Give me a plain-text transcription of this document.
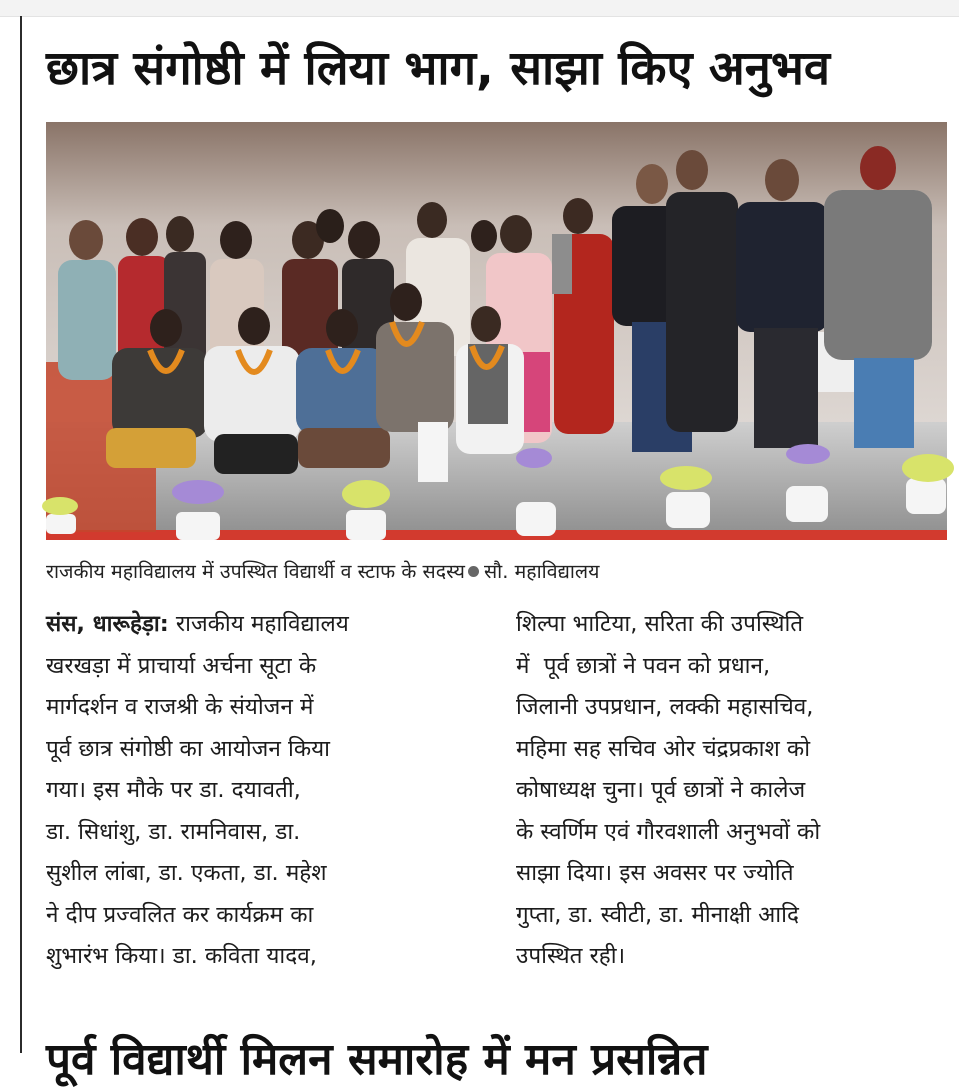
छात्र संगोष्ठी में लिया भाग, साझा किए अनुभव
राजकीय महाविद्यालय में उपस्थित विद्यार्थी व स्टाफ के सदस्य सौ. महाविद्यालय
संस, धारूहेड़ा: राजकीय महाविद्यालय
खरखड़ा में प्राचार्या अर्चना सूटा के
मार्गदर्शन व राजश्री के संयोजन में
पूर्व छात्र संगोष्ठी का आयोजन किया
गया। इस मौके पर डा. दयावती,
डा. सिधांशु, डा. रामनिवास, डा.
सुशील लांबा, डा. एकता, डा. महेश
ने दीप प्रज्वलित कर कार्यक्रम का
शुभारंभ किया। डा. कविता यादव,
शिल्पा भाटिया, सरिता की उपस्थिति
में  पूर्व छात्रों ने पवन को प्रधान,
जिलानी उपप्रधान, लक्की महासचिव,
महिमा सह सचिव ओर चंद्रप्रकाश को
कोषाध्यक्ष चुना। पूर्व छात्रों ने कालेज
के स्वर्णिम एवं गौरवशाली अनुभवों को
साझा दिया। इस अवसर पर ज्योति
गुप्ता, डा. स्वीटी, डा. मीनाक्षी आदि
उपस्थित रही।
पूर्व विद्यार्थी मिलन समारोह में मन प्रसन्नित
